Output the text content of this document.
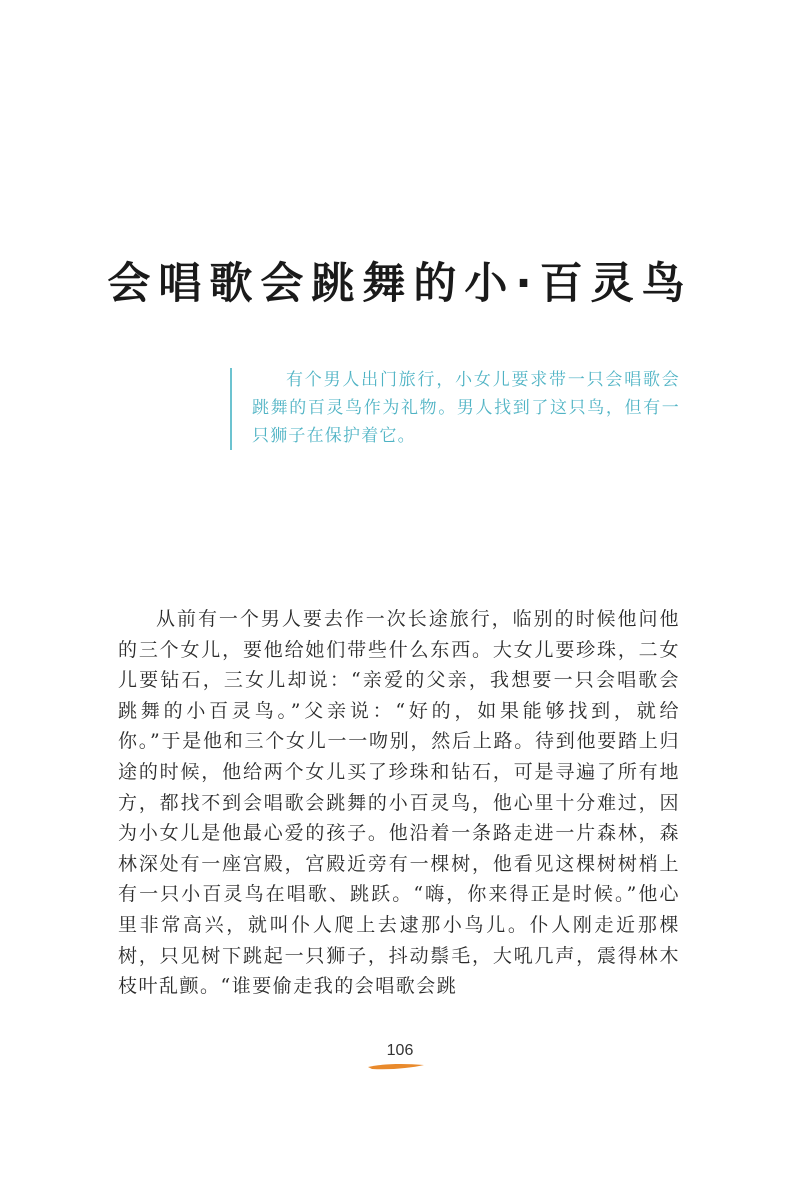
会唱歌会跳舞的小·百灵鸟
有个男人出门旅行，小女儿要求带一只会唱歌会跳舞的百灵鸟作为礼物。男人找到了这只鸟，但有一只狮子在保护着它。

从前有一个男人要去作一次长途旅行，临别的时候他问他的三个女儿，要他给她们带些什么东西。大女儿要珍珠，二女儿要钻石，三女儿却说：“亲爱的父亲，我想要一只会唱歌会跳舞的小百灵鸟。”父亲说：“好的，如果能够找到，就给你。”于是他和三个女儿一一吻别，然后上路。待到他要踏上归途的时候，他给两个女儿买了珍珠和钻石，可是寻遍了所有地方，都找不到会唱歌会跳舞的小百灵鸟，他心里十分难过，因为小女儿是他最心爱的孩子。他沿着一条路走进一片森林，森林深处有一座宫殿，宫殿近旁有一棵树，他看见这棵树树梢上有一只小百灵鸟在唱歌、跳跃。“嗨，你来得正是时候。”他心里非常高兴，就叫仆人爬上去逮那小鸟儿。仆人刚走近那棵树，只见树下跳起一只狮子，抖动鬃毛，大吼几声，震得林木枝叶乱颤。“谁要偷走我的会唱歌会跳

106
